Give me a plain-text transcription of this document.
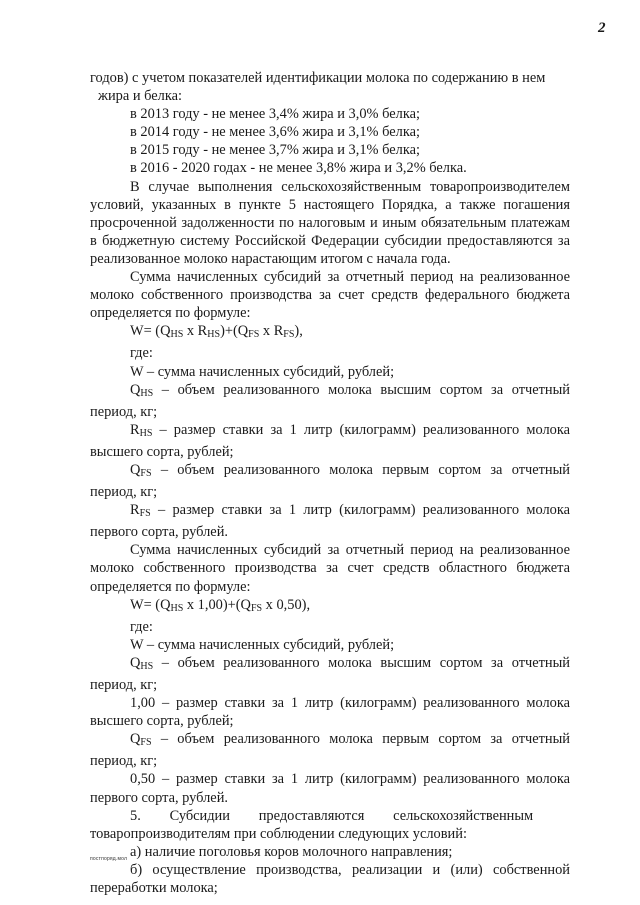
2

годов) с учетом показателей идентификации молока по содержанию в нем

жира и белка:

в 2013 году - не менее 3,4% жира и 3,0% белка;

в 2014 году - не менее 3,6% жира и 3,1% белка;

в 2015 году - не менее 3,7% жира и 3,1% белка;

в 2016 - 2020 годах - не менее 3,8% жира и 3,2% белка.

В случае выполнения сельскохозяйственным товаропроизводителем условий, указанных в пункте 5 настоящего Порядка, а также погашения просроченной задолженности по налоговым и иным обязательным платежам в бюджетную систему Российской Федерации субсидии предоставляются за реализованное молоко нарастающим итогом с начала года.

Сумма начисленных субсидий за отчетный период на реализованное молоко собственного производства за счет средств федерального бюджета определяется по формуле:

$W= (Q_{HS}$ x $R_{HS})+(Q_{FS}$ x $R_{FS}$),

где:

W – сумма начисленных субсидий, рублей;

$Q_{HS}$ – объем реализованного молока высшим сортом за отчетный период, кг;

$R_{HS}$ – размер ставки за 1 литр (килограмм) реализованного молока высшего сорта, рублей;

$Q_{FS}$ – объем реализованного молока первым сортом за отчетный период, кг;

$R_{FS}$ – размер ставки за 1 литр (килограмм) реализованного молока первого сорта, рублей.

Сумма начисленных субсидий за отчетный период на реализованное молоко собственного производства за счет средств областного бюджета определяется по формуле:

$W= (Q_{HS}$ x $1,00)+(Q_{FS}$ x 0,50),

где:

W – сумма начисленных субсидий, рублей;

$Q_{HS}$ – объем реализованного молока высшим сортом за отчетный период, кг;

1,00 – размер ставки за 1 литр (килограмм) реализованного молока высшего сорта, рублей;

$Q_{FS}$ – объем реализованного молока первым сортом за отчетный период, кг;

0,50 – размер ставки за 1 литр (килограмм) реализованного молока первого сорта, рублей.

5.        Субсидии        предоставляются        сельскохозяйственным

товаропроизводителям при соблюдении следующих условий:

а) наличие поголовья коров молочного направления;

б) осуществление производства, реализации и (или) собственной переработки молока;

постпоряд.мол
